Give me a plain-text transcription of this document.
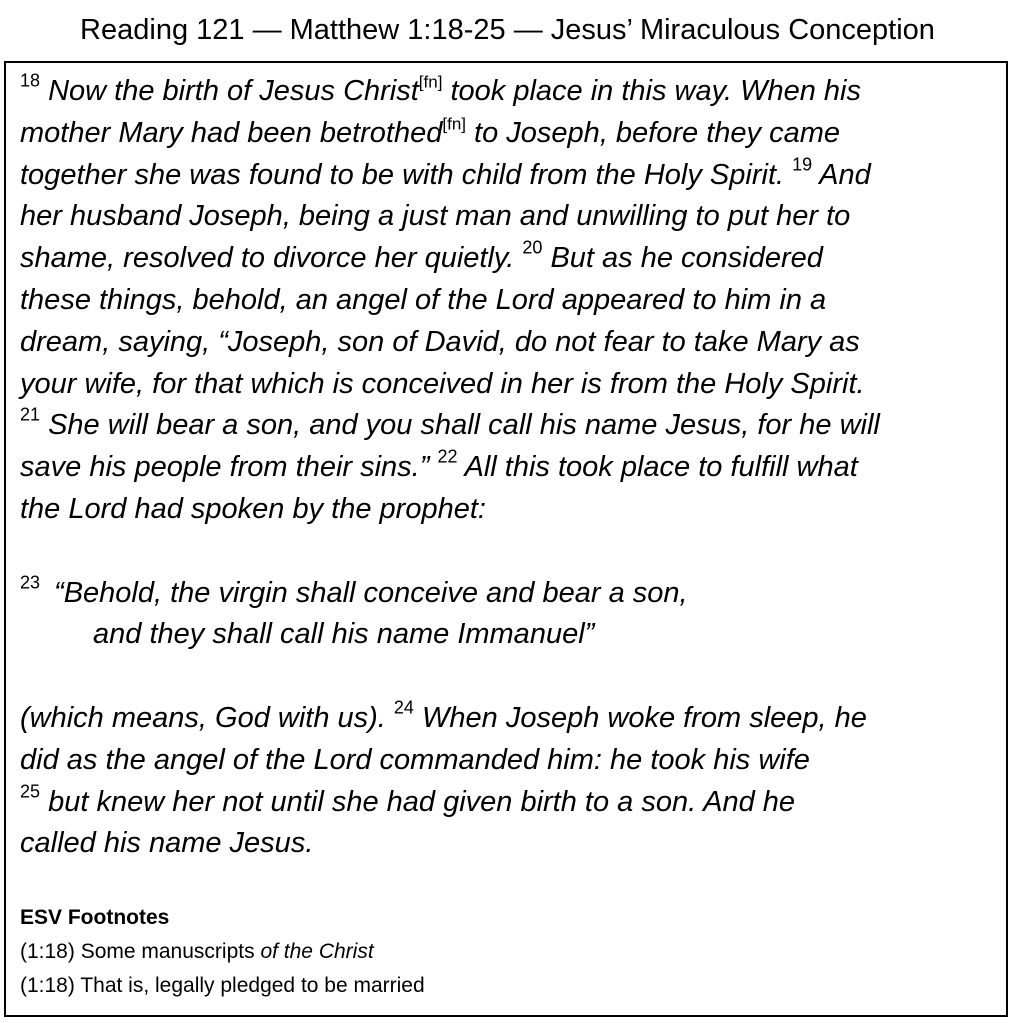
Reading 121 — Matthew 1:18-25 — Jesus’ Miraculous Conception

$^{18}$ Now the birth of Jesus Christ[fn] took place in this way. When his

mother Mary had been betrothed[fn] to Joseph, before they came

together she was found to be with child from the Holy Spirit. $^{19}$ And

her husband Joseph, being a just man and unwilling to put her to

shame, resolved to divorce her quietly. $^{20}$ But as he considered

these things, behold, an angel of the Lord appeared to him in a

dream, saying, “Joseph, son of David, do not fear to take Mary as

your wife, for that which is conceived in her is from the Holy Spirit.

$^{21}$ She will bear a son, and you shall call his name Jesus, for he will

save his people from their sins.” $^{22}$ All this took place to fulfill what

the Lord had spoken by the prophet:

$^{23}$ “Behold, the virgin shall conceive and bear a son,

and they shall call his name Immanuel”

(which means, God with us). $^{24}$ When Joseph woke from sleep, he

did as the angel of the Lord commanded him: he took his wife

$^{25}$ but knew her not until she had given birth to a son. And he

called his name Jesus.

ESV Footnotes
(1:18) Some manuscripts of the Christ
(1:18) That is, legally pledged to be married
